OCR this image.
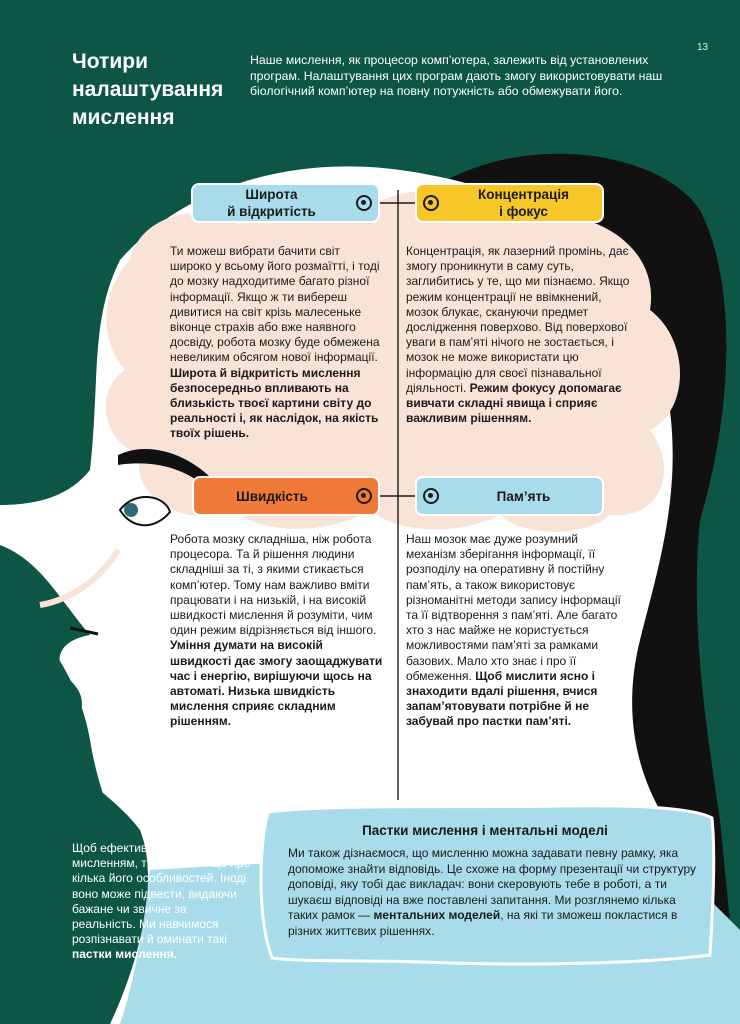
13
Чотири налаштування мислення

Наше мислення, як процесор комп’ютера, залежить від установлених програм. Налаштування цих програм дають змогу використовувати наш біологічний комп’ютер на повну потужність або обмежувати його.

Широта
й відкритість
Концентрація
і фокус
Швидкість	Пам’ять

Ти можеш вибрати бачити світ широко у всьому його розмаїтті, і тоді до мозку надходитиме багато різної інформації. Якщо ж ти вибереш дивитися на світ крізь малесеньке віконце страхів або вже наявного досвіду, робота мозку буде обмежена невеликим обсягом нової інформації. Широта й відкритість мислення безпосередньо впливають на близькість твоєї картини світу до реальності і, як наслідок, на якість твоїх рішень.

Концентрація, як лазерний промінь, дає змогу проникнути в саму суть, заглибитись у те, що ми пізнаємо. Якщо режим концентрації не ввімкнений, мозок блукає, скануючи предмет дослідження поверхово. Від поверхової уваги в пам’яті нічого не зостається, і мозок не може використати цю інформацію для своєї пізнавальної діяльності. Режим фокусу допомагає вивчати складні явища і сприяє важливим рішенням.

Робота мозку складніша, ніж робота процесора. Та й рішення людини складніші за ті, з якими стикається комп’ютер. Тому нам важливо вміти працювати і на низькій, і на високій швидкості мислення й розуміти, чим один режим відрізняється від іншого. Уміння думати на високій швидкості дає змогу заощаджувати час і енергію, вирішуючи щось на автоматі. Низька швидкість мислення сприяє складним рішенням.

Наш мозок має дуже розумний механізм зберігання інформації, її розподілу на оперативну й постійну пам’ять, а також використовує різноманітні методи запису інформації та її відтворення з пам’яті. Але багато хто з нас майже не користується можливостями пам’яті за рамками базових. Мало хто знає і про її обмеження. Щоб мислити ясно і знаходити вдалі рішення, вчися запам’ятовувати потрібне й не забувай про пастки пам’яті.

Щоб ефективно користуватися мисленням, треба знати ще про кілька його особливостей. Іноді воно може підвести, видаючи бажане чи звичне за реальність. Ми навчимося розпізнавати й оминати такі пастки мислення.

Пастки мислення і ментальні моделі

Ми також дізнаємося, що мисленню можна задавати певну рамку, яка допоможе знайти відповідь. Це схоже на форму презентації чи структуру доповіді, яку тобі дає викладач: вони скеровують тебе в роботі, а ти шукаєш відповіді на вже поставлені запитання. Ми розглянемо кілька таких рамок — ментальних моделей, на які ти зможеш покластися в різних життєвих рішеннях.
